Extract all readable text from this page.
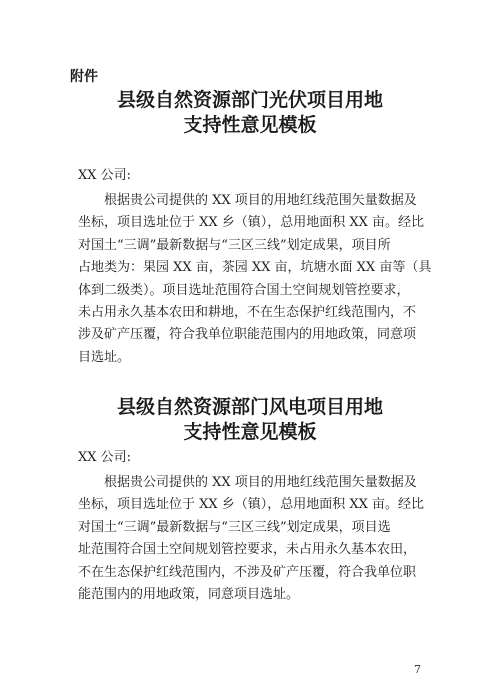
附件
县级自然资源部门光伏项目用地
支持性意见模板
XX 公司:
根据贵公司提供的 XX 项目的用地红线范围矢量数据及
坐标，项目选址位于 XX 乡（镇），总用地面积 XX 亩。经比
对国土“三调”最新数据与“三区三线”划定成果，项目所
占地类为：果园 XX 亩，茶园 XX 亩，坑塘水面 XX 亩等（具
体到二级类）。项目选址范围符合国土空间规划管控要求，
未占用永久基本农田和耕地，不在生态保护红线范围内，不
涉及矿产压覆，符合我单位职能范围内的用地政策，同意项
目选址。
县级自然资源部门风电项目用地
支持性意见模板
XX 公司:
根据贵公司提供的 XX 项目的用地红线范围矢量数据及
坐标，项目选址位于 XX 乡（镇），总用地面积 XX 亩。经比
对国土“三调”最新数据与“三区三线”划定成果，项目选
址范围符合国土空间规划管控要求，未占用永久基本农田，
不在生态保护红线范围内，不涉及矿产压覆，符合我单位职
能范围内的用地政策，同意项目选址。
7
